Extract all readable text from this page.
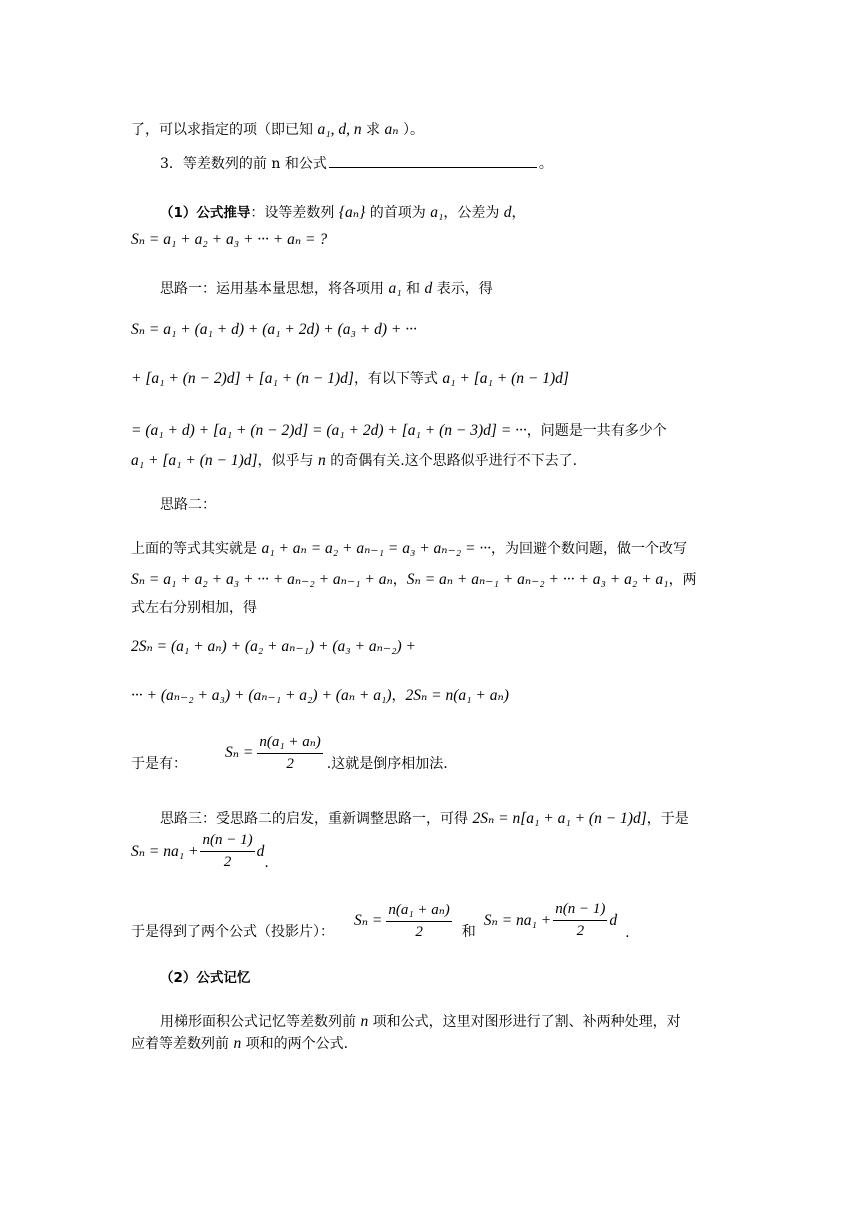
了，可以求指定的项（即已知 a₁, d, n 求 aₙ ）。
3．等差数列的前 n 和公式	。
（1）公式推导：设等差数列 {aₙ} 的首项为 a₁，公差为 d，
Sₙ = a₁ + a₂ + a₃ + ··· + aₙ = ?
思路一：运用基本量思想，将各项用 a₁ 和 d 表示，得
Sₙ = a₁ + (a₁ + d) + (a₁ + 2d) + (a₃ + d) + ···
+ [a₁ + (n − 2)d] + [a₁ + (n − 1)d]，有以下等式 a₁ + [a₁ + (n − 1)d]
= (a₁ + d) + [a₁ + (n − 2)d] = (a₁ + 2d) + [a₁ + (n − 3)d] = ···，问题是一共有多少个
a₁ + [a₁ + (n − 1)d]，似乎与 n 的奇偶有关.这个思路似乎进行不下去了.
思路二：
上面的等式其实就是 a₁ + aₙ = a₂ + aₙ₋₁ = a₃ + aₙ₋₂ = ···，为回避个数问题，做一个改写
Sₙ = a₁ + a₂ + a₃ + ··· + aₙ₋₂ + aₙ₋₁ + aₙ，Sₙ = aₙ + aₙ₋₁ + aₙ₋₂ + ··· + a₃ + a₂ + a₁，两
式左右分别相加，得
2Sₙ = (a₁ + aₙ) + (a₂ + aₙ₋₁) + (a₃ + aₙ₋₂) +
··· + (aₙ₋₂ + a₃) + (aₙ₋₁ + a₂) + (aₙ + a₁)，2Sₙ = n(a₁ + aₙ)
于是有：$S_n = \frac{\text{n(a₁ + aₙ)}}{2}$ .这就是倒序相加法.
思路三：受思路二的启发，重新调整思路一，可得 2Sₙ = n[a₁ + a₁ + (n − 1)d]，于是
$S_n = na_1 + \frac{n(n - 1)}{2} d$.
于是得到了两个公式（投影片）：$S_n = \frac{\text{n(a₁ + aₙ)}}{2}$ 和$S_n = na_1 + \frac{n(n - 1)}{2} d$.
（2）公式记忆
用梯形面积公式记忆等差数列前 n 项和公式，这里对图形进行了割、补两种处理，对
应着等差数列前 n 项和的两个公式.
